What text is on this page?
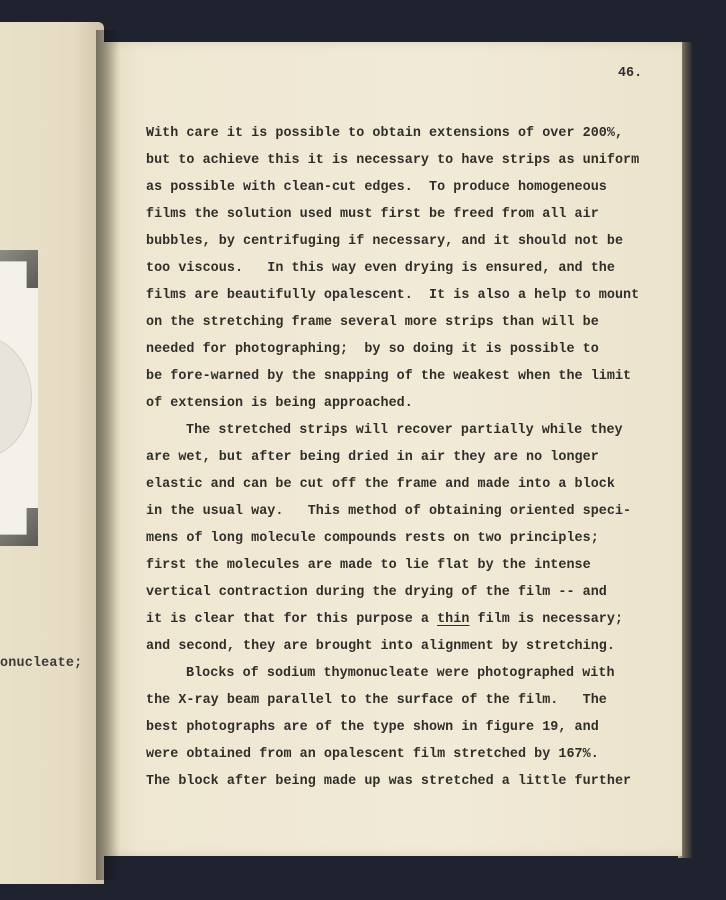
onucleate;
46.
With care it is possible to obtain extensions of over 200%,
but to achieve this it is necessary to have strips as uniform
as possible with clean-cut edges.  To produce homogeneous
films the solution used must first be freed from all air
bubbles, by centrifuging if necessary, and it should not be
too viscous.   In this way even drying is ensured, and the
films are beautifully opalescent.  It is also a help to mount
on the stretching frame several more strips than will be
needed for photographing;  by so doing it is possible to
be fore-warned by the snapping of the weakest when the limit
of extension is being approached.
The stretched strips will recover partially while they
are wet, but after being dried in air they are no longer
elastic and can be cut off the frame and made into a block
in the usual way.   This method of obtaining oriented speci-
mens of long molecule compounds rests on two principles;
first the molecules are made to lie flat by the intense
vertical contraction during the drying of the film -- and
it is clear that for this purpose a thin film is necessary;
and second, they are brought into alignment by stretching.
Blocks of sodium thymonucleate were photographed with
the X-ray beam parallel to the surface of the film.   The
best photographs are of the type shown in figure 19, and
were obtained from an opalescent film stretched by 167%.
The block after being made up was stretched a little further
